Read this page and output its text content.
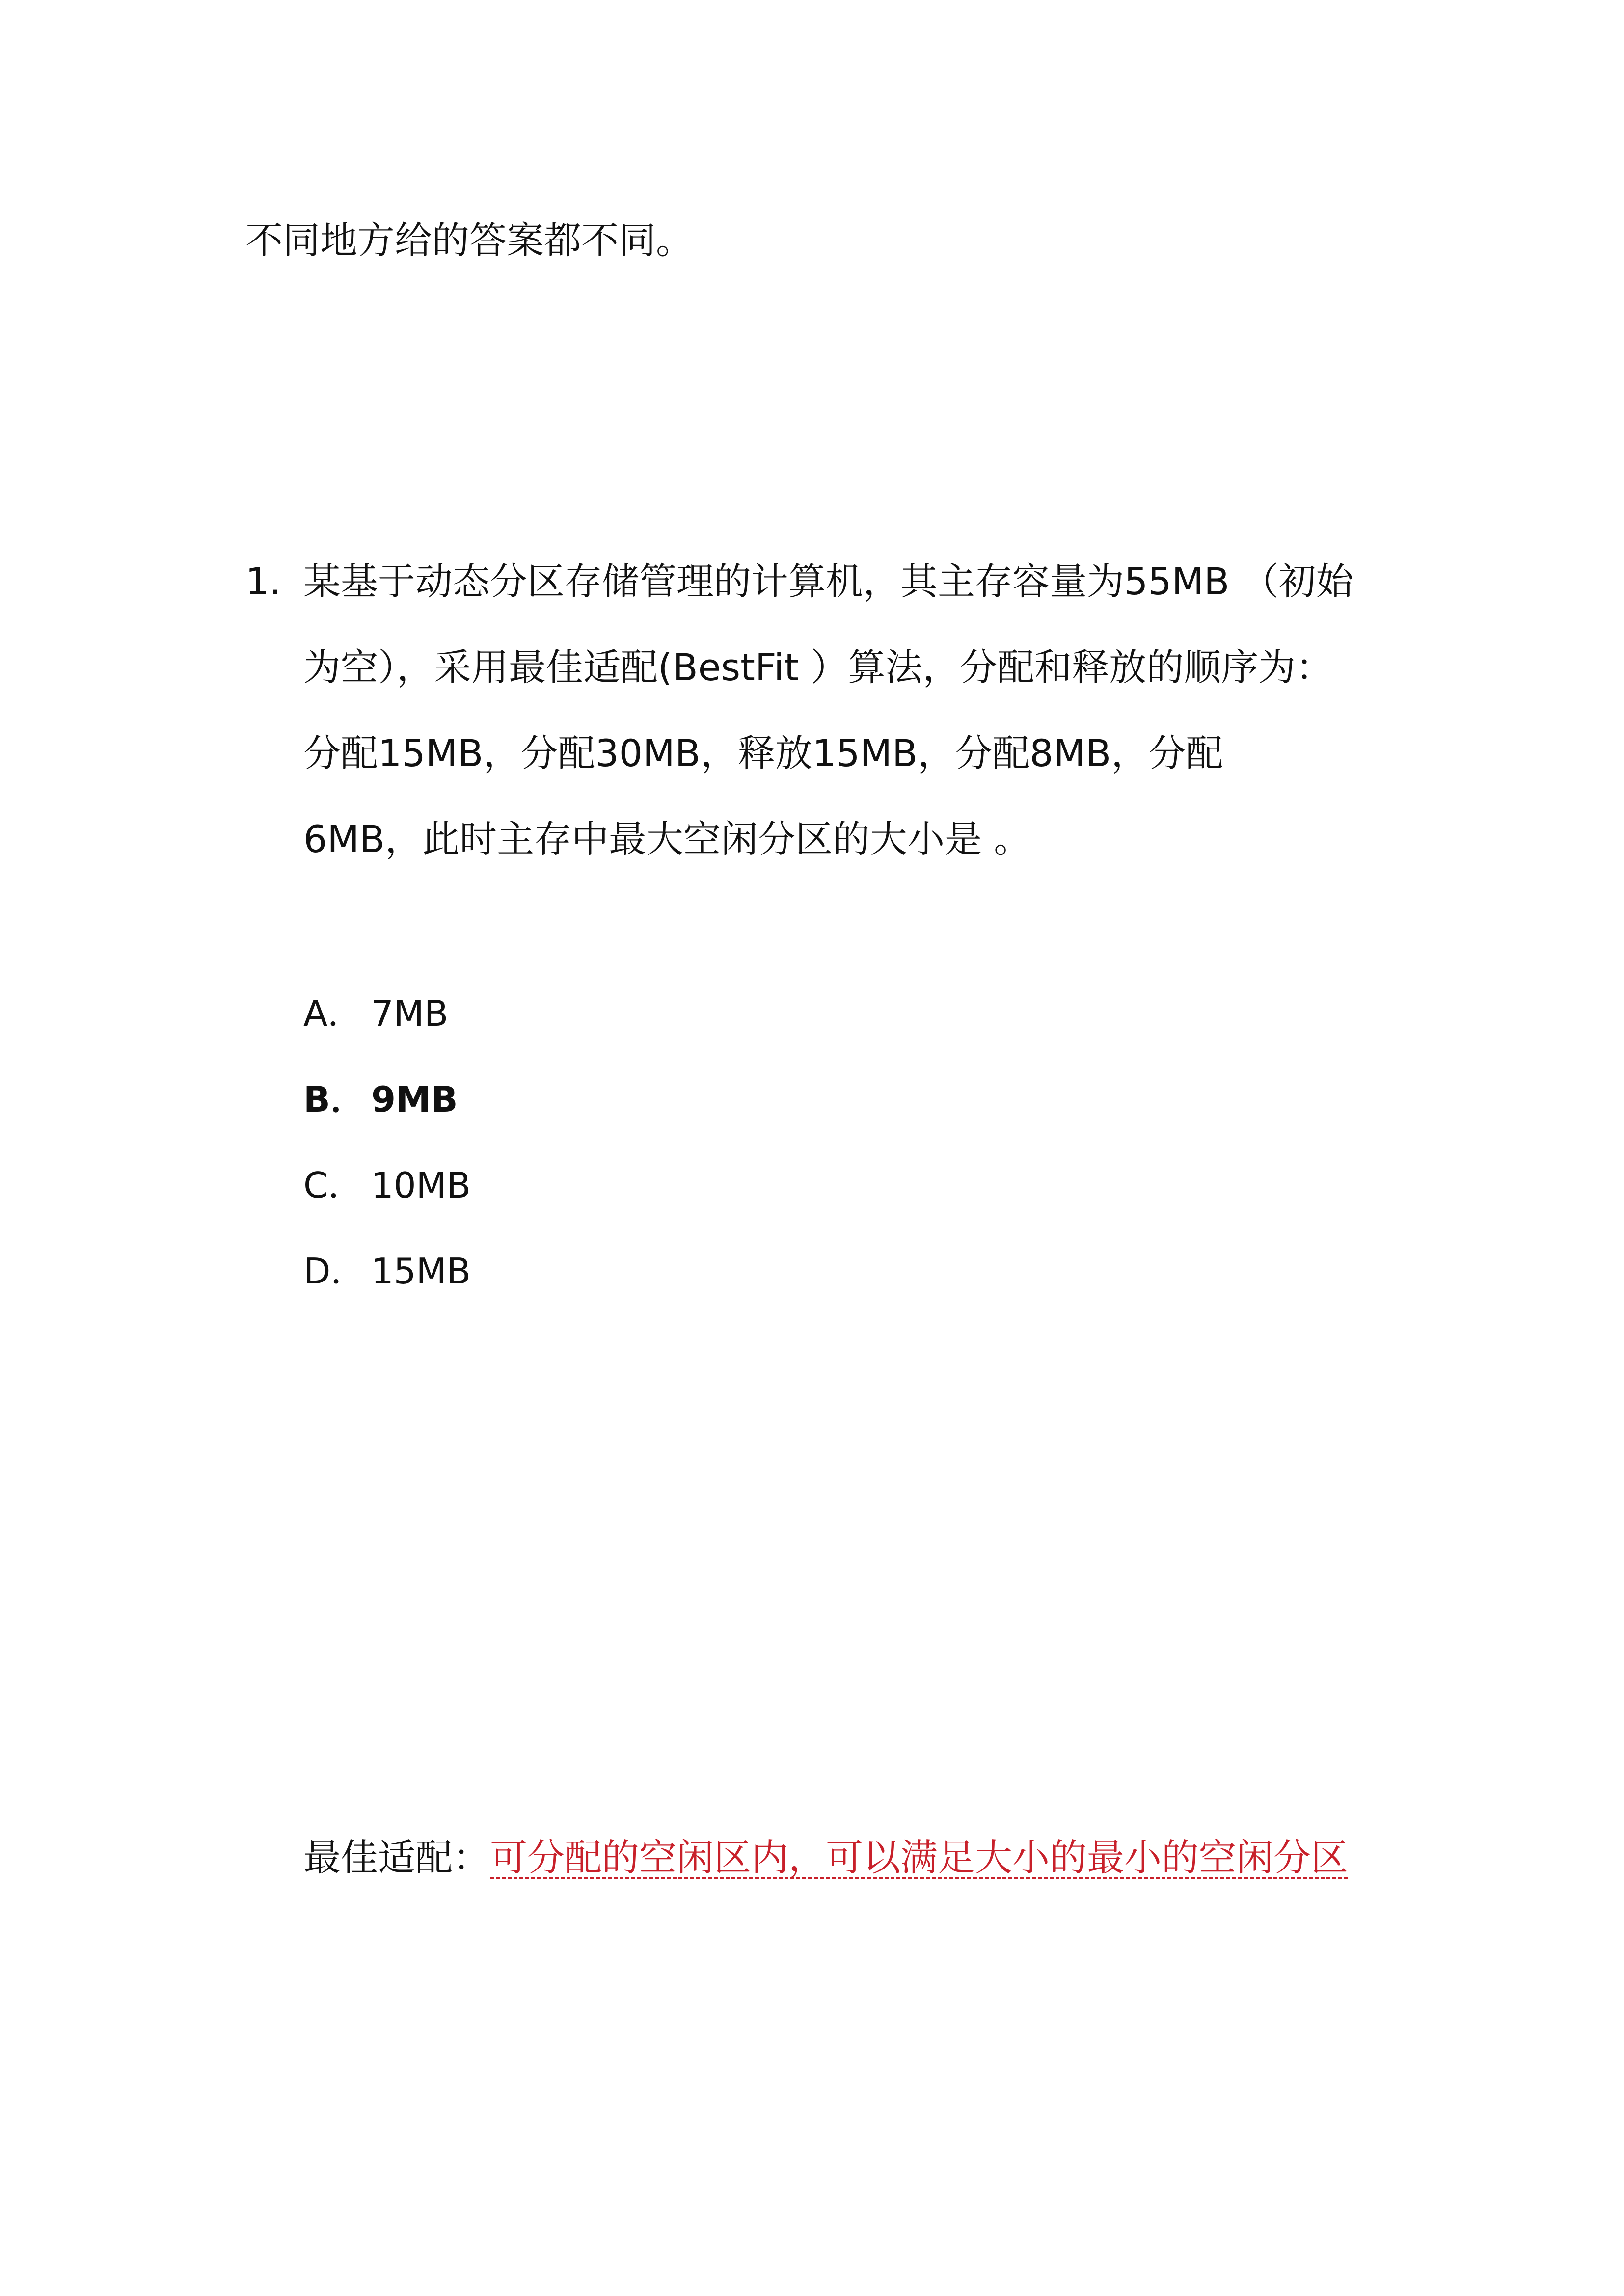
不同地方给的答案都不同。
1. 某基于动态分区存储管理的计算机，其主存容量为55MB （初始
为空），采用最佳适配(BestFit ）算法，分配和释放的顺序为：
分配15MB，分配30MB，释放15MB，分配8MB，分配
6MB，此时主存中最大空闲分区的大小是 。
A． 7MB
B． 9MB
C． 10MB
D． 15MB
最佳适配：可分配的空闲区内，可以满足大小的最小的空闲分区
